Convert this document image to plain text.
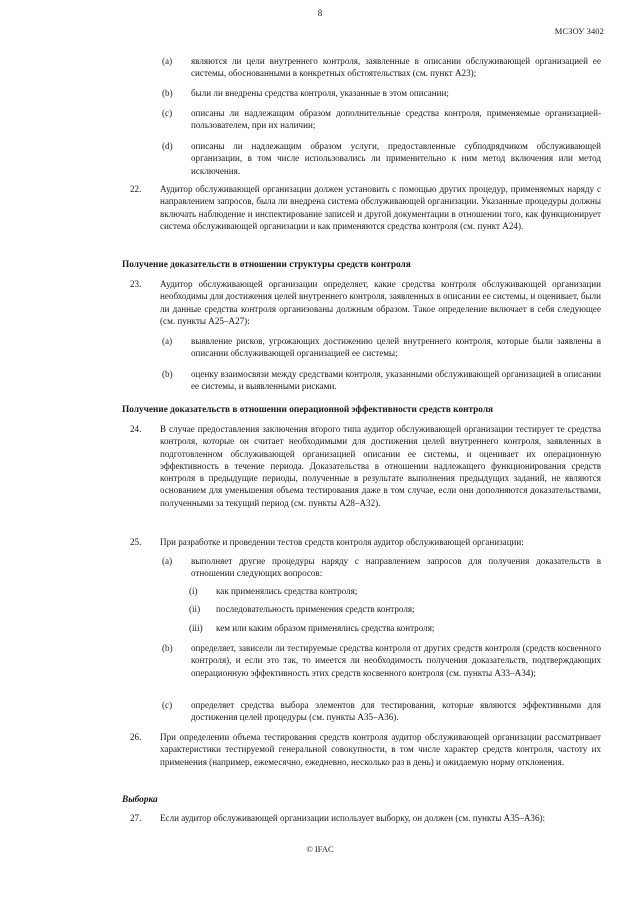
8
МСЗОУ 3402
(a) являются ли цели внутреннего контроля, заявленные в описании обслуживающей организацией ее системы, обоснованными в конкретных обстоятельствах (см. пункт A23);
(b) были ли внедрены средства контроля, указанные в этом описании;
(c) описаны ли надлежащим образом дополнительные средства контроля, применяемые организацией-пользователем, при их наличии;
(d) описаны ли надлежащим образом услуги, предоставленные субподрядчиком обслуживающей организации, в том числе использовались ли применительно к ним метод включения или метод исключения.
22. Аудитор обслуживающей организации должен установить с помощью других процедур, применяемых наряду с направлением запросов, была ли внедрена система обслуживающей организации. Указанные процедуры должны включать наблюдение и инспектирование записей и другой документации в отношении того, как функционирует система обслуживающей организации и как применяются средства контроля (см. пункт A24).
Получение доказательств в отношении структуры средств контроля
23. Аудитор обслуживающей организации определяет, какие средства контроля обслуживающей организации необходимы для достижения целей внутреннего контроля, заявленных в описании ее системы, и оценивает, были ли данные средства контроля организованы должным образом. Такое определение включает в себя следующее (см. пункты A25–A27):
(a) выявление рисков, угрожающих достижению целей внутреннего контроля, которые были заявлены в описании обслуживающей организацией ее системы;
(b) оценку взаимосвязи между средствами контроля, указанными обслуживающей организацией в описании ее системы, и выявленными рисками.
Получение доказательств в отношении операционной эффективности средств контроля
24. В случае предоставления заключения второго типа аудитор обслуживающей организации тестирует те средства контроля, которые он считает необходимыми для достижения целей внутреннего контроля, заявленных в подготовленном обслуживающей организацией описании ее системы, и оценивает их операционную эффективность в течение периода. Доказательства в отношении надлежащего функционирования средств контроля в предыдущие периоды, полученные в результате выполнения предыдущих заданий, не являются основанием для уменьшения объема тестирования даже в том случае, если они дополняются доказательствами, полученными за текущий период (см. пункты A28–A32).
25. При разработке и проведении тестов средств контроля аудитор обслуживающей организации:
(a) выполняет другие процедуры наряду с направлением запросов для получения доказательств в отношении следующих вопросов:
(i) как применялись средства контроля;
(ii) последовательность применения средств контроля;
(iii) кем или каким образом применялись средства контроля;
(b) определяет, зависели ли тестируемые средства контроля от других средств контроля (средств косвенного контроля), и если это так, то имеется ли необходимость получения доказательств, подтверждающих операционную эффективность этих средств косвенного контроля (см. пункты A33–A34);
(c) определяет средства выбора элементов для тестирования, которые являются эффективными для достижения целей процедуры (см. пункты A35–A36).
26. При определении объема тестирования средств контроля аудитор обслуживающей организации рассматривает характеристики тестируемой генеральной совокупности, в том числе характер средств контроля, частоту их применения (например, ежемесячно, ежедневно, несколько раз в день) и ожидаемую норму отклонения.
Выборка
27. Если аудитор обслуживающей организации использует выборку, он должен (см. пункты A35–A36):
© IFAC
